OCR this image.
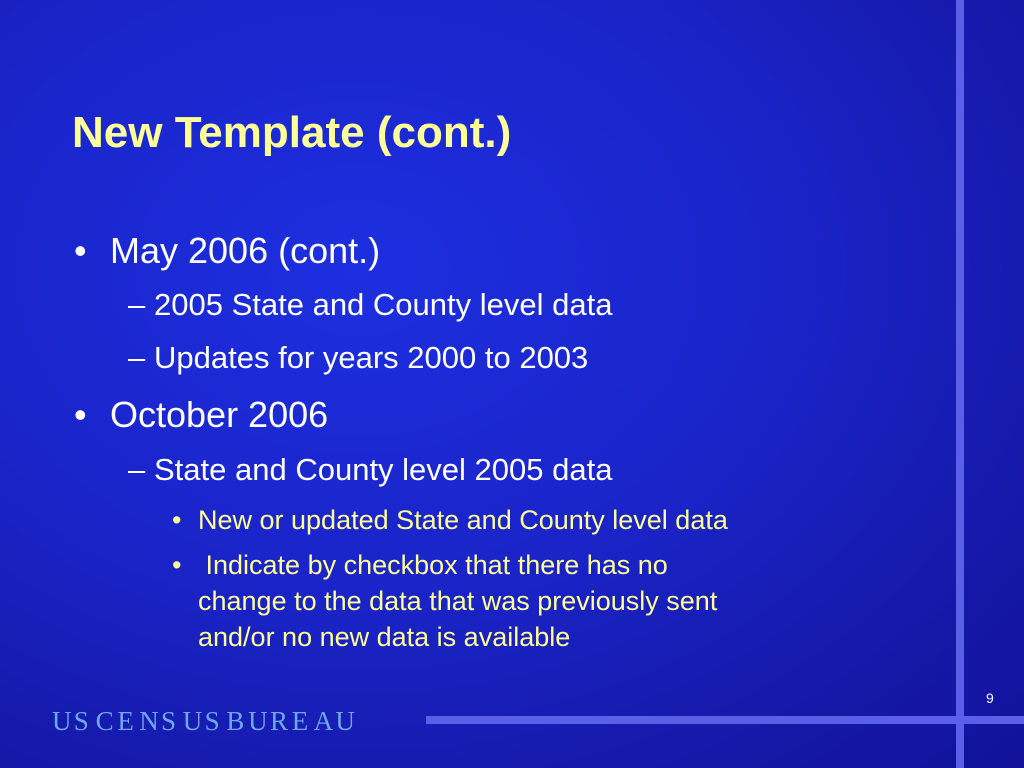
New Template (cont.)
• May 2006 (cont.)
– 2005 State and County level data
– Updates for years 2000 to 2003
• October 2006
– State and County level 2005 data
• New or updated State and County level data
• Indicate by checkbox that there has no
change to the data that was previously sent
and/or no new data is available
US C E NS US B UR E AU
9
